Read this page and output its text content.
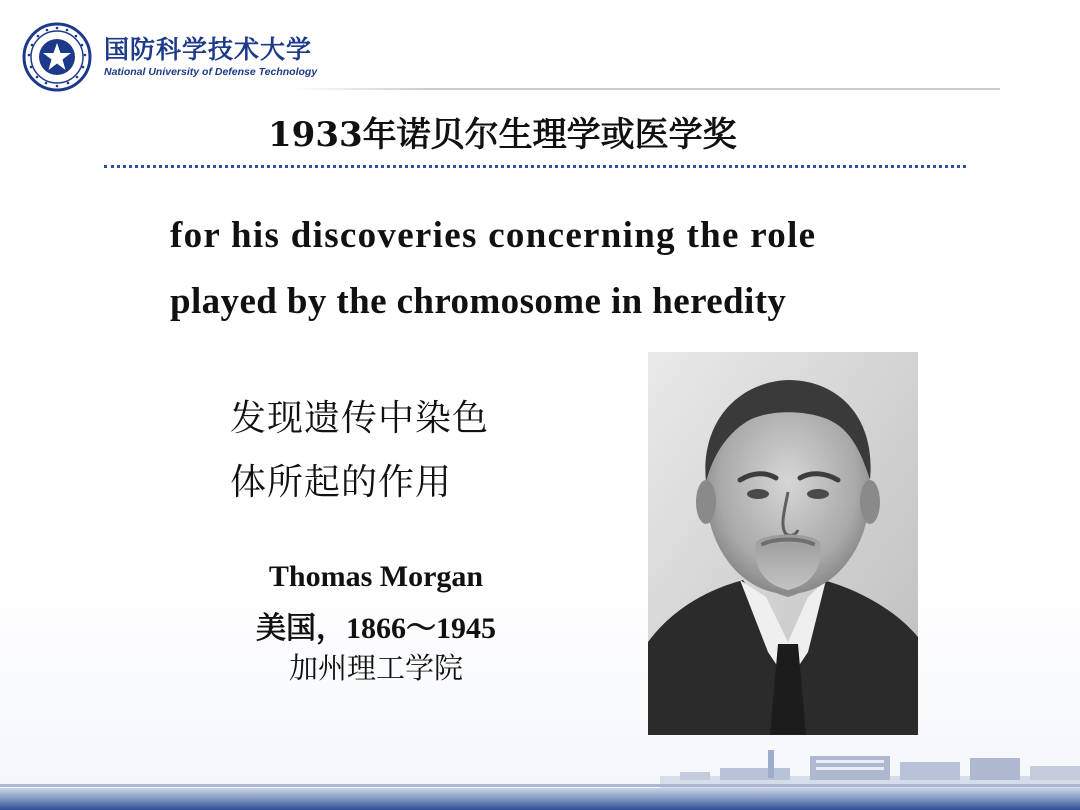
国防科学技术大学
National University of Defense Technology
1933年诺贝尔生理学或医学奖
for his discoveries concerning the role
played by the chromosome in heredity
发现遗传中染色
体所起的作用
Thomas Morgan
美国，1866～1945
加州理工学院
